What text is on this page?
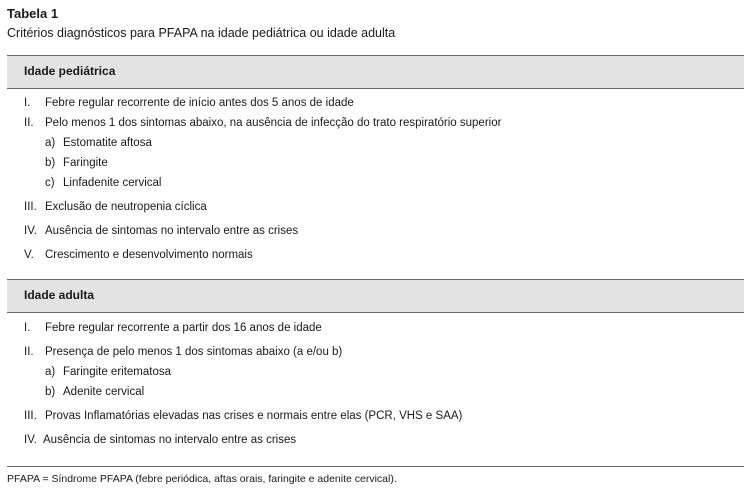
Tabela 1
Critérios diagnósticos para PFAPA na idade pediátrica ou idade adulta
Idade pediátrica
I. Febre regular recorrente de início antes dos 5 anos de idade
II. Pelo menos 1 dos sintomas abaixo, na ausência de infecção do trato respiratório superior
a) Estomatite aftosa
b) Faringite
c) Linfadenite cervical
III. Exclusão de neutropenia cíclica
IV. Ausência de sintomas no intervalo entre as crises
V. Crescimento e desenvolvimento normais
Idade adulta
I. Febre regular recorrente a partir dos 16 anos de idade
II. Presença de pelo menos 1 dos sintomas abaixo (a e/ou b)
a) Faringite eritematosa
b) Adenite cervical
III. Provas Inflamatórias elevadas nas crises e normais entre elas (PCR, VHS e SAA)
IV. Ausência de sintomas no intervalo entre as crises
PFAPA = Síndrome PFAPA (febre periódica, aftas orais, faringite e adenite cervical).
